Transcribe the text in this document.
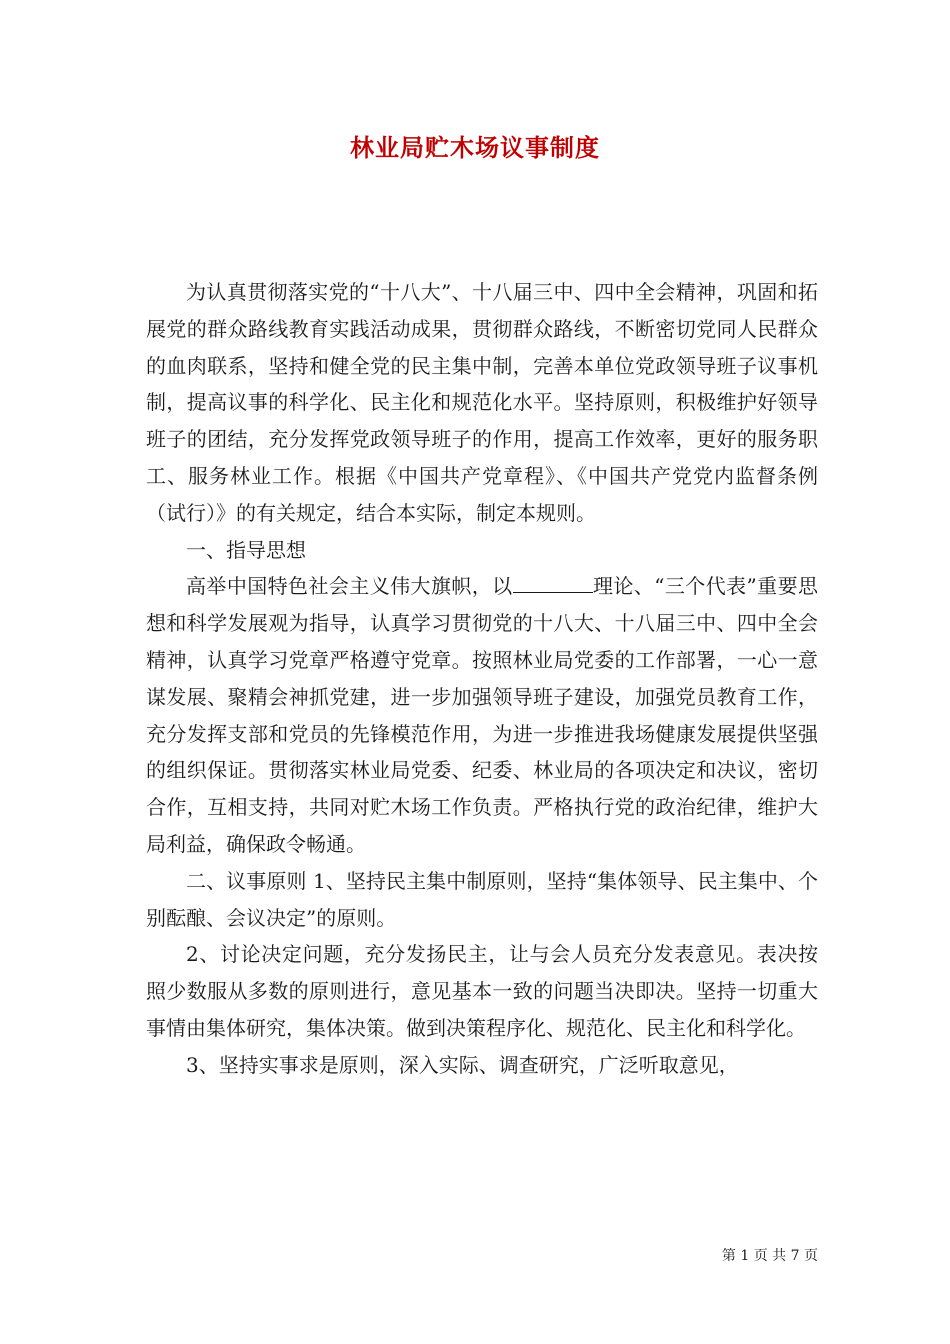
林业局贮木场议事制度

为认真贯彻落实党的“十八大”、十八届三中、四中全会精神，巩固和拓展党的群众路线教育实践活动成果，贯彻群众路线，不断密切党同人民群众的血肉联系，坚持和健全党的民主集中制，完善本单位党政领导班子议事机制，提高议事的科学化、民主化和规范化水平。坚持原则，积极维护好领导班子的团结，充分发挥党政领导班子的作用，提高工作效率，更好的服务职工、服务林业工作。根据《中国共产党章程》、《中国共产党党内监督条例（试行）》的有关规定，结合本实际，制定本规则。

一、指导思想

高举中国特色社会主义伟大旗帜，以	理论、“三个代表”重要思想和科学发展观为指导，认真学习贯彻党的十八大、十八届三中、四中全会精神，认真学习党章严格遵守党章。按照林业局党委的工作部署，一心一意谋发展、聚精会神抓党建，进一步加强领导班子建设，加强党员教育工作，充分发挥支部和党员的先锋模范作用，为进一步推进我场健康发展提供坚强的组织保证。贯彻落实林业局党委、纪委、林业局的各项决定和决议，密切合作，互相支持，共同对贮木场工作负责。严格执行党的政治纪律，维护大局利益，确保政令畅通。

二、议事原则 1、坚持民主集中制原则，坚持“集体领导、民主集中、个别酝酿、会议决定”的原则。

2、讨论决定问题，充分发扬民主，让与会人员充分发表意见。表决按照少数服从多数的原则进行，意见基本一致的问题当决即决。坚持一切重大事情由集体研究，集体决策。做到决策程序化、规范化、民主化和科学化。

3、坚持实事求是原则，深入实际、调查研究，广泛听取意见，

第 1 页 共 7 页
